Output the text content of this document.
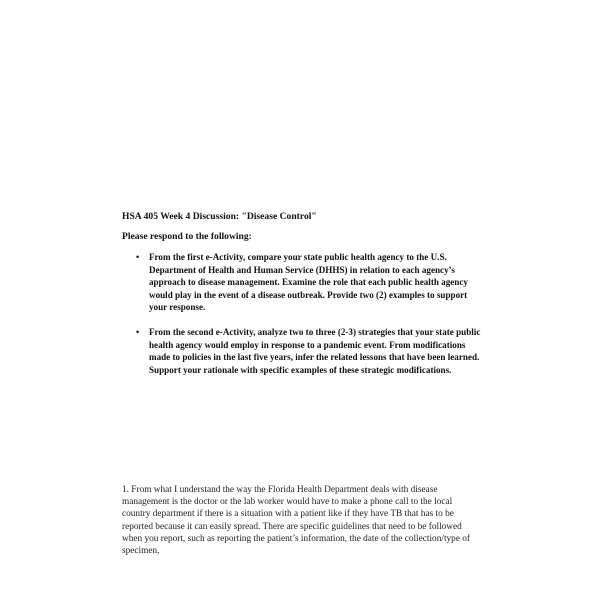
HSA 405 Week 4 Discussion: "Disease Control"
Please respond to the following:
• From the first e-Activity, compare your state public health agency to the U.S. Department of Health and Human Service (DHHS) in relation to each agency’s approach to disease management. Examine the role that each public health agency would play in the event of a disease outbreak. Provide two (2) examples to support your response.
• From the second e-Activity, analyze two to three (2-3) strategies that your state public health agency would employ in response to a pandemic event. From modifications made to policies in the last five years, infer the related lessons that have been learned. Support your rationale with specific examples of these strategic modifications.
1. From what I understand the way the Florida Health Department deals with disease management is the doctor or the lab worker would have to make a phone call to the local country department if there is a situation with a patient like if they have TB that has to be reported because it can easily spread. There are specific guidelines that need to be followed when you report, such as reporting the patient’s information, the date of the collection/type of specimen,
